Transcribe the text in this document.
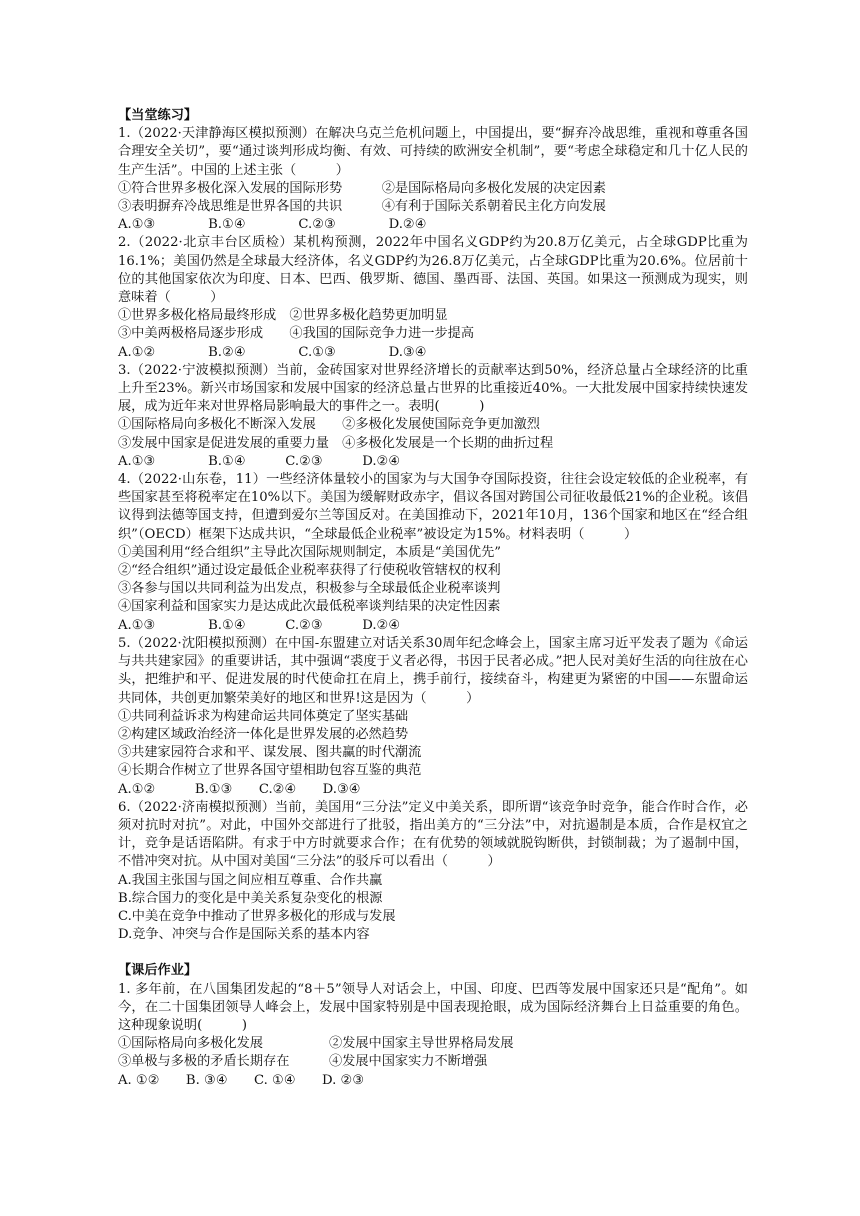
【当堂练习】

1.（2022·天津静海区模拟预测）在解决乌克兰危机问题上，中国提出，要“摒弃冷战思维，重视和尊重各国合理安全关切”，要“通过谈判形成均衡、有效、可持续的欧洲安全机制”，要“考虑全球稳定和几十亿人民的生产生活”。中国的上述主张（　　　）

①符合世界多极化深入发展的国际形势　　　②是国际格局向多极化发展的决定因素

③表明摒弃冷战思维是世界各国的共识　　　④有利于国际关系朝着民主化方向发展

A.①③　　　　B.①④　　　　C.②③　　　　D.②④

2.（2022·北京丰台区质检）某机构预测，2022年中国名义GDP约为20.8万亿美元，占全球GDP比重为16.1%；美国仍然是全球最大经济体，名义GDP约为26.8万亿美元，占全球GDP比重为20.6%。位居前十位的其他国家依次为印度、日本、巴西、俄罗斯、德国、墨西哥、法国、英国。如果这一预测成为现实，则意味着（　　　）

①世界多极化格局最终形成　②世界多极化趋势更加明显

③中美两极格局逐步形成　　④我国的国际竞争力进一步提高

A.①②　　　　B.②④　　　　C.①③　　　　D.③④

3.（2022·宁波模拟预测）当前，金砖国家对世界经济增长的贡献率达到50%，经济总量占全球经济的比重上升至23%。新兴市场国家和发展中国家的经济总量占世界的比重接近40%。一大批发展中国家持续快速发展，成为近年来对世界格局影响最大的事件之一。表明(　　　)

①国际格局向多极化不断深入发展　　②多极化发展使国际竞争更加激烈

③发展中国家是促进发展的重要力量　④多极化发展是一个长期的曲折过程

A.①③　　　　B.①④　　　C.②③　　　D.②④

4.（2022·山东卷，11）一些经济体量较小的国家为与大国争夺国际投资，往往会设定较低的企业税率，有些国家甚至将税率定在10%以下。美国为缓解财政赤字，倡议各国对跨国公司征收最低21%的企业税。该倡议得到法德等国支持，但遭到爱尔兰等国反对。在美国推动下，2021年10月，136个国家和地区在“经合组织”（OECD）框架下达成共识，“全球最低企业税率”被设定为15%。材料表明（　　　）

①美国利用“经合组织”主导此次国际规则制定，本质是“美国优先”

②“经合组织”通过设定最低企业税率获得了行使税收管辖权的权利

③各参与国以共同利益为出发点，积极参与全球最低企业税率谈判

④国家利益和国家实力是达成此次最低税率谈判结果的决定性因素

A.①③　　　　B.①④　　　C.②③　　　D.②④

5.（2022·沈阳模拟预测）在中国-东盟建立对话关系30周年纪念峰会上，国家主席习近平发表了题为《命运与共共建家园》的重要讲话，其中强调“裘度于义者必得，书因于民者必成。”把人民对美好生活的向往放在心头，把维护和平、促进发展的时代使命扛在肩上，携手前行，接续奋斗，构建更为紧密的中国——东盟命运共同体，共创更加繁荣美好的地区和世界!这是因为（　　　）

①共同利益诉求为构建命运共同体奠定了坚实基础

②构建区域政治经济一体化是世界发展的必然趋势

③共建家园符合求和平、谋发展、图共赢的时代潮流

④长期合作树立了世界各国守望相助包容互鉴的典范

A.①②　　　B.①③　　C.②④　　D.③④

6.（2022·济南模拟预测）当前，美国用“三分法”定义中美关系，即所谓“该竞争时竞争，能合作时合作，必须对抗时对抗”。对此，中国外交部进行了批驳，指出美方的“三分法”中，对抗遏制是本质，合作是权宜之计，竞争是话语陷阱。有求于中方时就要求合作；在有优势的领域就脱钩断供，封锁制裁；为了遏制中国，不惜冲突对抗。从中国对美国“三分法”的驳斥可以看出（　　　）

A.我国主张国与国之间应相互尊重、合作共赢

B.综合国力的变化是中美关系复杂变化的根源

C.中美在竞争中推动了世界多极化的形成与发展

D.竞争、冲突与合作是国际关系的基本内容

【课后作业】

1. 多年前，在八国集团发起的“8＋5”领导人对话会上，中国、印度、巴西等发展中国家还只是“配角”。如今，在二十国集团领导人峰会上，发展中国家特别是中国表现抢眼，成为国际经济舞台上日益重要的角色。这种现象说明(　　　)

①国际格局向多极化发展　　　　　②发展中国家主导世界格局发展

③单极与多极的矛盾长期存在　　　④发展中国家实力不断增强

A. ①②　　B. ③④　　C. ①④　　D. ②③
